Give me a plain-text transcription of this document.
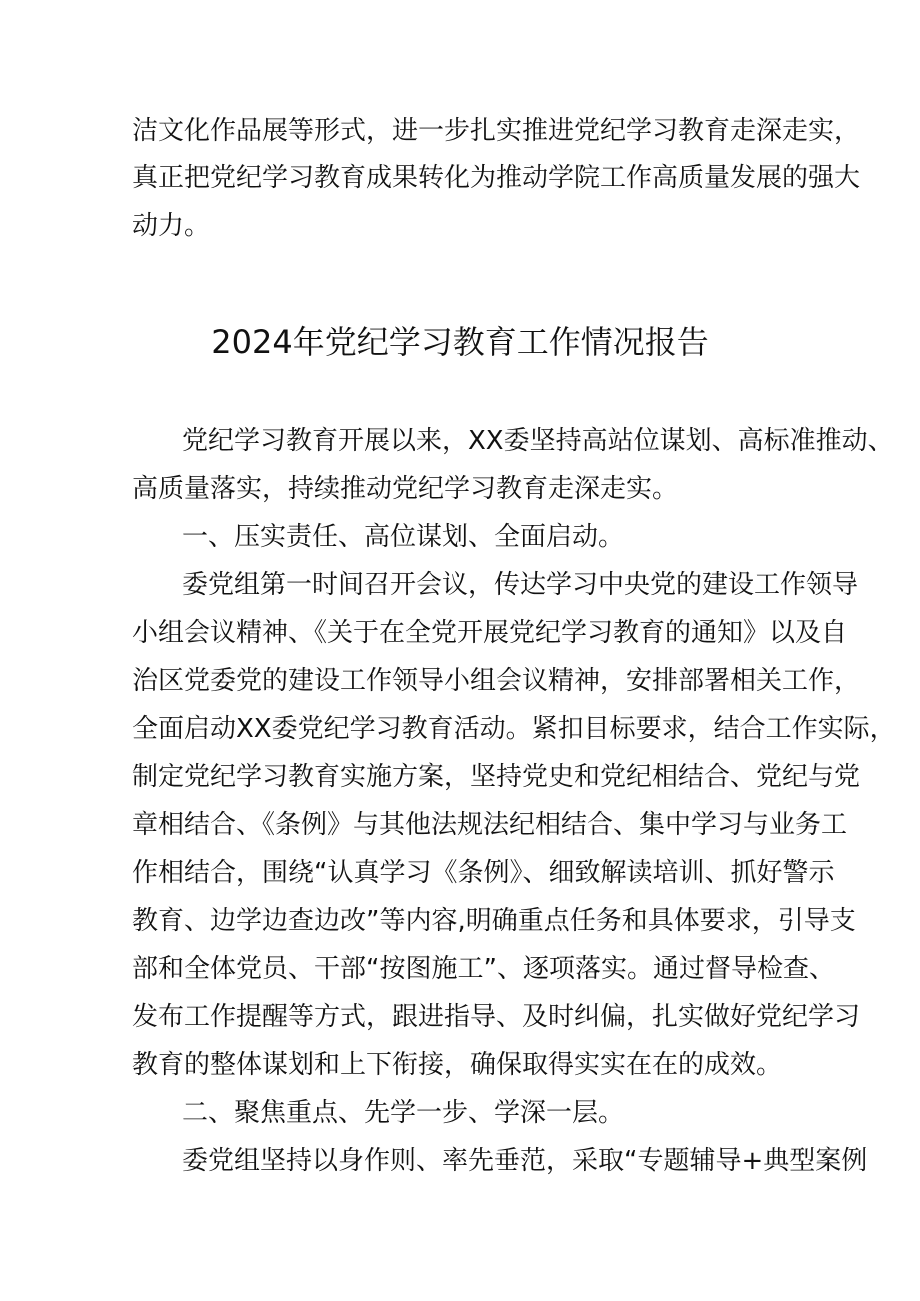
洁文化作品展等形式，进一步扎实推进党纪学习教育走深走实，
真正把党纪学习教育成果转化为推动学院工作高质量发展的强大
动力。
2024年党纪学习教育工作情况报告
党纪学习教育开展以来，XX委坚持高站位谋划、高标准推动、
高质量落实，持续推动党纪学习教育走深走实。
一、压实责任、高位谋划、全面启动。
委党组第一时间召开会议，传达学习中央党的建设工作领导
小组会议精神、《关于在全党开展党纪学习教育的通知》以及自
治区党委党的建设工作领导小组会议精神，安排部署相关工作，
全面启动XX委党纪学习教育活动。紧扣目标要求，结合工作实际，
制定党纪学习教育实施方案，坚持党史和党纪相结合、党纪与党
章相结合、《条例》与其他法规法纪相结合、集中学习与业务工
作相结合，围绕“认真学习《条例》、细致解读培训、抓好警示
教育、边学边查边改”等内容,明确重点任务和具体要求，引导支
部和全体党员、干部“按图施工”、逐项落实。通过督导检查、
发布工作提醒等方式，跟进指导、及时纠偏，扎实做好党纪学习
教育的整体谋划和上下衔接，确保取得实实在在的成效。
二、聚焦重点、先学一步、学深一层。
委党组坚持以身作则、率先垂范，采取“专题辅导+典型案例
